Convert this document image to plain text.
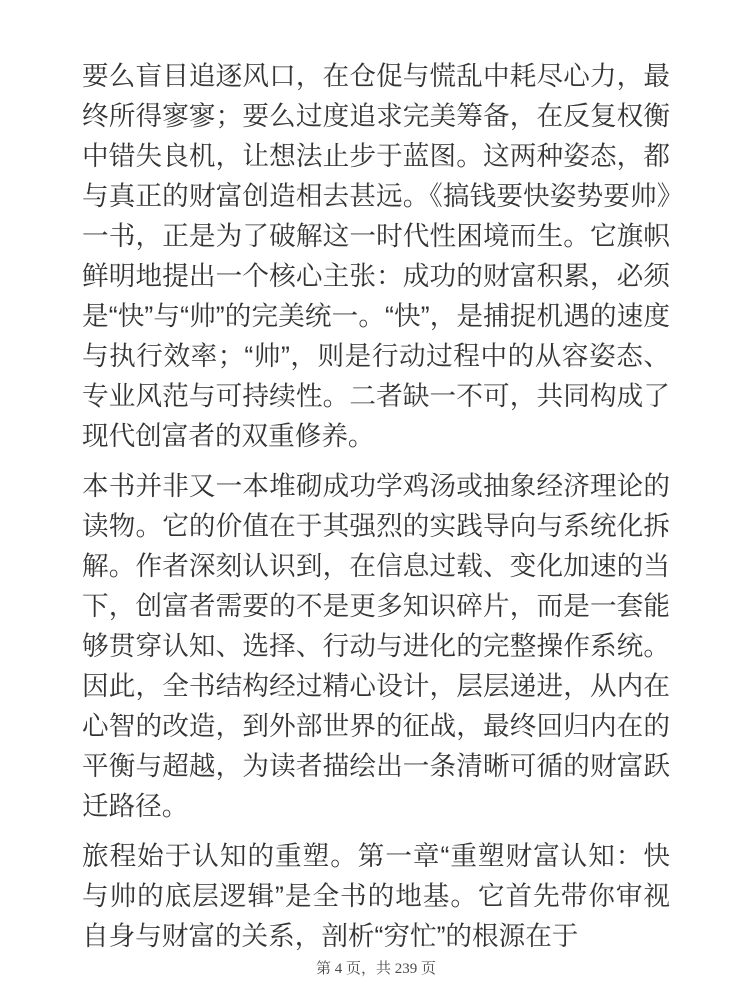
要么盲目追逐风口，在仓促与慌乱中耗尽心力，最终所得寥寥；要么过度追求完美筹备，在反复权衡中错失良机，让想法止步于蓝图。这两种姿态，都与真正的财富创造相去甚远。《搞钱要快姿势要帅》一书，正是为了破解这一时代性困境而生。它旗帜鲜明地提出一个核心主张：成功的财富积累，必须是“快”与“帅”的完美统一。“快”，是捕捉机遇的速度与执行效率；“帅”，则是行动过程中的从容姿态、专业风范与可持续性。二者缺一不可，共同构成了现代创富者的双重修养。

本书并非又一本堆砌成功学鸡汤或抽象经济理论的读物。它的价值在于其强烈的实践导向与系统化拆解。作者深刻认识到，在信息过载、变化加速的当下，创富者需要的不是更多知识碎片，而是一套能够贯穿认知、选择、行动与进化的完整操作系统。因此，全书结构经过精心设计，层层递进，从内在心智的改造，到外部世界的征战，最终回归内在的平衡与超越，为读者描绘出一条清晰可循的财富跃迁路径。

旅程始于认知的重塑。第一章“重塑财富认知：快与帅的底层逻辑”是全书的地基。它首先带你审视自身与财富的关系，剖析“穷忙”的根源在于

第 4 页，共 239 页
